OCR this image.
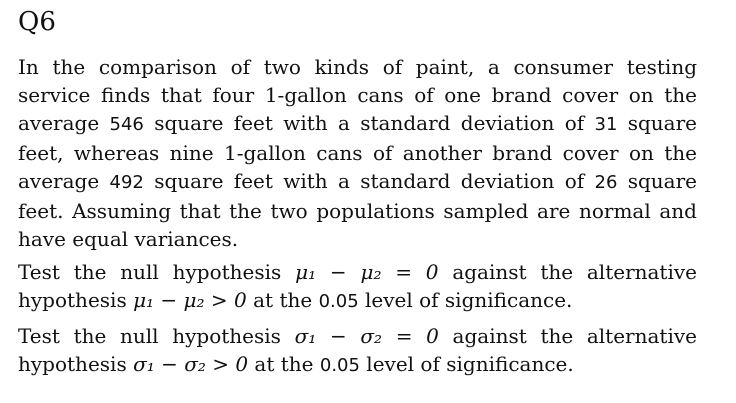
Q6

In the comparison of two kinds of paint, a consumer testing service finds that four 1-gallon cans of one brand cover on the average 546 square feet with a standard deviation of 31 square feet, whereas nine 1-gallon cans of another brand cover on the average 492 square feet with a standard deviation of 26 square feet. Assuming that the two populations sampled are normal and have equal variances.

Test the null hypothesis μ₁ − μ₂ = 0 against the alternative hypothesis μ₁ − μ₂ > 0 at the 0.05 level of significance.

Test the null hypothesis σ₁ − σ₂ = 0 against the alternative hypothesis σ₁ − σ₂ > 0 at the 0.05 level of significance.
